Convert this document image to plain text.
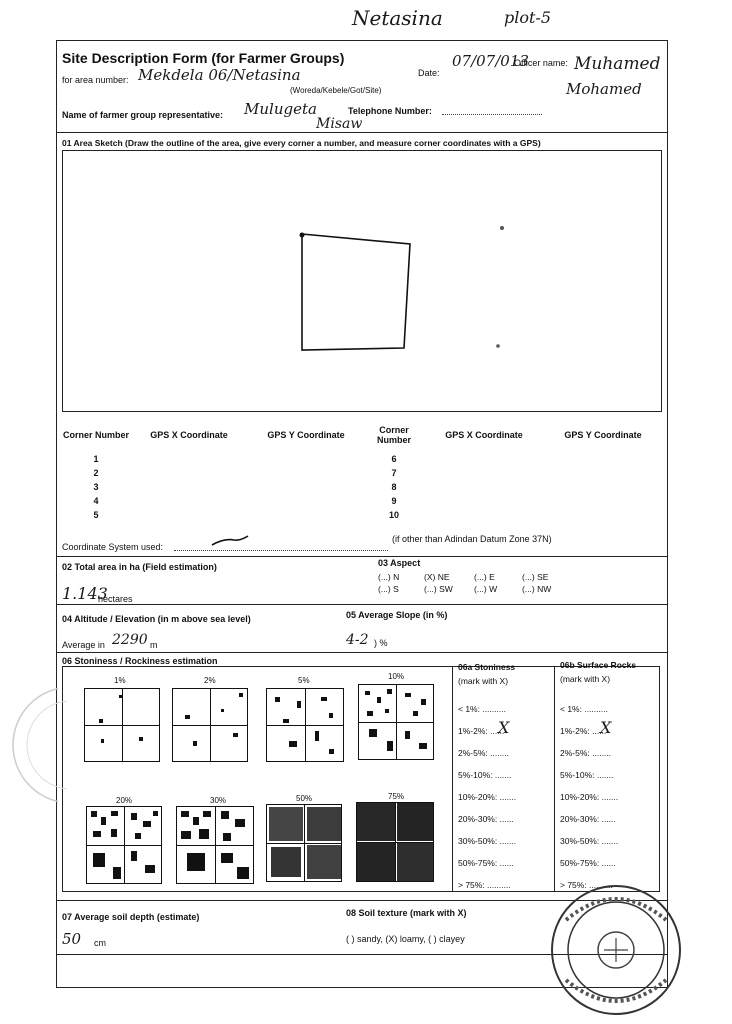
Netasina	plot-5
Site Description Form (for Farmer Groups)
for area number: Mekdela 06/Netasina
(Woreda/Kebele/Got/Site)
Date:
07/07/013
Officer name: Muhamed
Mohamed
Name of farmer group representative: Mulugeta
Misaw
Telephone Number:
01 Area Sketch (Draw the outline of the area, give every corner a number, and measure corner coordinates with a GPS)
Corner Number	GPS X Coordinate	GPS Y Coordinate	Corner Number	GPS X Coordinate	GPS Y Coordinate
1			6		
2			7		
3			8		
4			9		
5			10		
Coordinate System used:
(if other than Adindan Datum Zone 37N)
02 Total area in ha (Field estimation)
1.143
hectares
03 Aspect
(...) N	(X) NE	(...) E	(...) SE
(...) S	(...) SW (...) W	(...) NW
04 Altitude / Elevation (in m above sea level)
Average in 2290 m
05 Average Slope (in %)
4-2 ) %
06 Stoniness / Rockiness estimation
1%	2%	5%	10%
20%	30%	50%	75%
06a Stoniness
(mark with X)
< 1%: ..........
1%-2%: ......
2%-5%: ........
5%-10%: .......
10%-20%: .......
20%-30%: ......
30%-50%: .......
50%-75%: ......
> 75%: ..........
X
06b Surface Rocks
(mark with X)
< 1%: ..........
1%-2%: ......
2%-5%: ........
5%-10%: .......
10%-20%: .......
20%-30%: ......
30%-50%: .......
50%-75%: ......
> 75%: ..........
X
07 Average soil depth (estimate)
50 cm
08 Soil texture (mark with X)
( ) sandy, (X) loamy, ( ) clayey
